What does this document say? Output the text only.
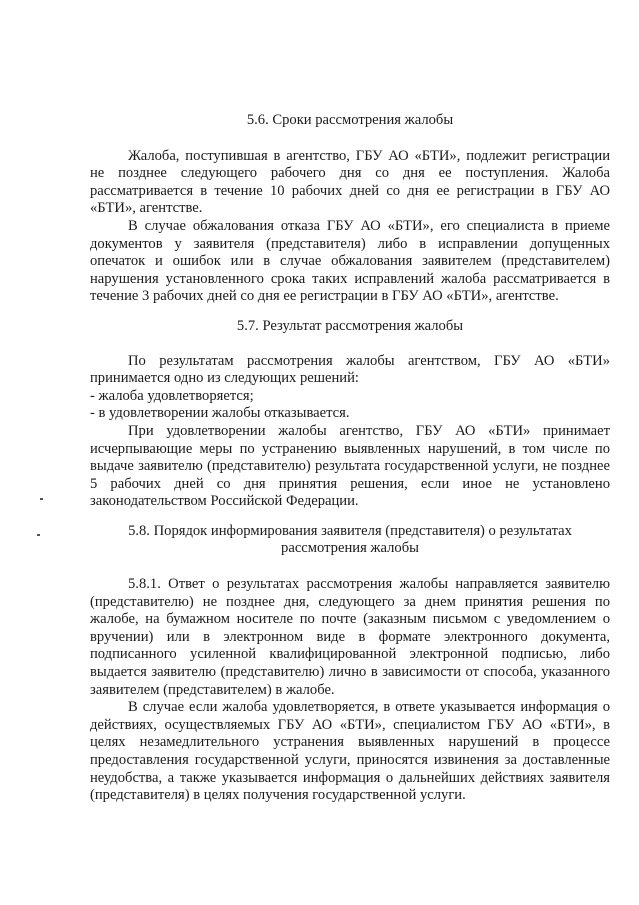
5.6. Сроки рассмотрения жалобы

Жалоба, поступившая в агентство, ГБУ АО «БТИ», подлежит регистрации не позднее следующего рабочего дня со дня ее поступления. Жалоба рассматривается в течение 10 рабочих дней со дня ее регистрации в ГБУ АО «БТИ», агентстве.

В случае обжалования отказа ГБУ АО «БТИ», его специалиста в приеме документов у заявителя (представителя) либо в исправлении допущенных опечаток и ошибок или в случае обжалования заявителем (представителем) нарушения установленного срока таких исправлений жалоба рассматривается в течение 3 рабочих дней со дня ее регистрации в ГБУ АО «БТИ», агентстве.

5.7. Результат рассмотрения жалобы

По результатам рассмотрения жалобы агентством, ГБУ АО «БТИ» принимается одно из следующих решений:

- жалоба удовлетворяется;
- в удовлетворении жалобы отказывается.

При удовлетворении жалобы агентство, ГБУ АО «БТИ» принимает исчерпывающие меры по устранению выявленных нарушений, в том числе по выдаче заявителю (представителю) результата государственной услуги, не позднее 5 рабочих дней со дня принятия решения, если иное не установлено законодательством Российской Федерации.

5.8. Порядок информирования заявителя (представителя) о результатах
рассмотрения жалобы

5.8.1. Ответ о результатах рассмотрения жалобы направляется заявителю (представителю) не позднее дня, следующего за днем принятия решения по жалобе, на бумажном носителе по почте (заказным письмом с уведомлением о вручении) или в электронном виде в формате электронного документа, подписанного усиленной квалифицированной электронной подписью, либо выдается заявителю (представителю) лично в зависимости от способа, указанного заявителем (представителем) в жалобе.

В случае если жалоба удовлетворяется, в ответе указывается информация о действиях, осуществляемых ГБУ АО «БТИ», специалистом ГБУ АО «БТИ», в целях незамедлительного устранения выявленных нарушений в процессе предоставления государственной услуги, приносятся извинения за доставленные неудобства, а также указывается информация о дальнейших действиях заявителя (представителя) в целях получения государственной услуги.
